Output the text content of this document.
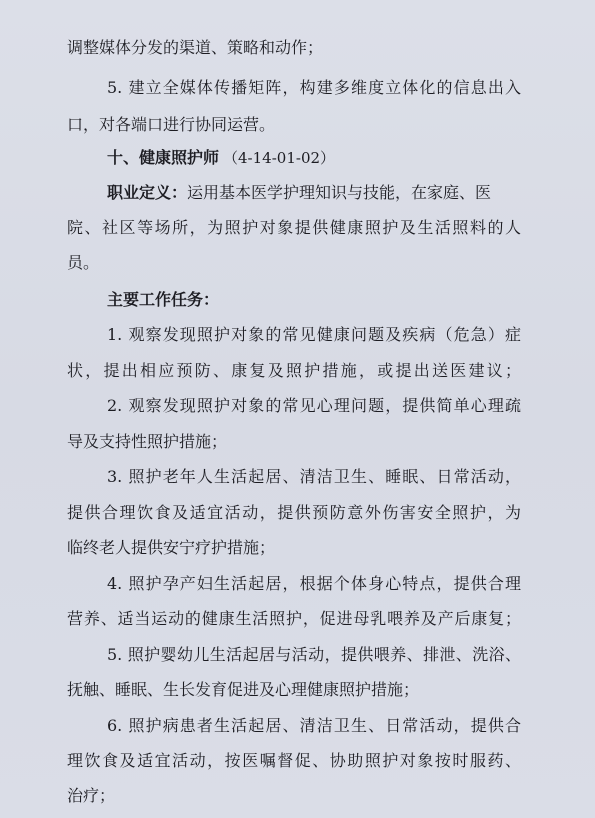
调整媒体分发的渠道、策略和动作；
5. 建立全媒体传播矩阵，构建多维度立体化的信息出入
口，对各端口进行协同运营。
十、健康照护师 （4-14-01-02）
职业定义：运用基本医学护理知识与技能，在家庭、医
院、社区等场所，为照护对象提供健康照护及生活照料的人
员。
主要工作任务：
1. 观察发现照护对象的常见健康问题及疾病（危急）症
状，提出相应预防、康复及照护措施，或提出送医建议；
2. 观察发现照护对象的常见心理问题，提供简单心理疏
导及支持性照护措施；
3. 照护老年人生活起居、清洁卫生、睡眠、日常活动，
提供合理饮食及适宜活动，提供预防意外伤害安全照护，为
临终老人提供安宁疗护措施；
4. 照护孕产妇生活起居，根据个体身心特点，提供合理
营养、适当运动的健康生活照护，促进母乳喂养及产后康复；
5. 照护婴幼儿生活起居与活动，提供喂养、排泄、洗浴、
抚触、睡眠、生长发育促进及心理健康照护措施；
6. 照护病患者生活起居、清洁卫生、日常活动，提供合
理饮食及适宜活动，按医嘱督促、协助照护对象按时服药、
治疗；
